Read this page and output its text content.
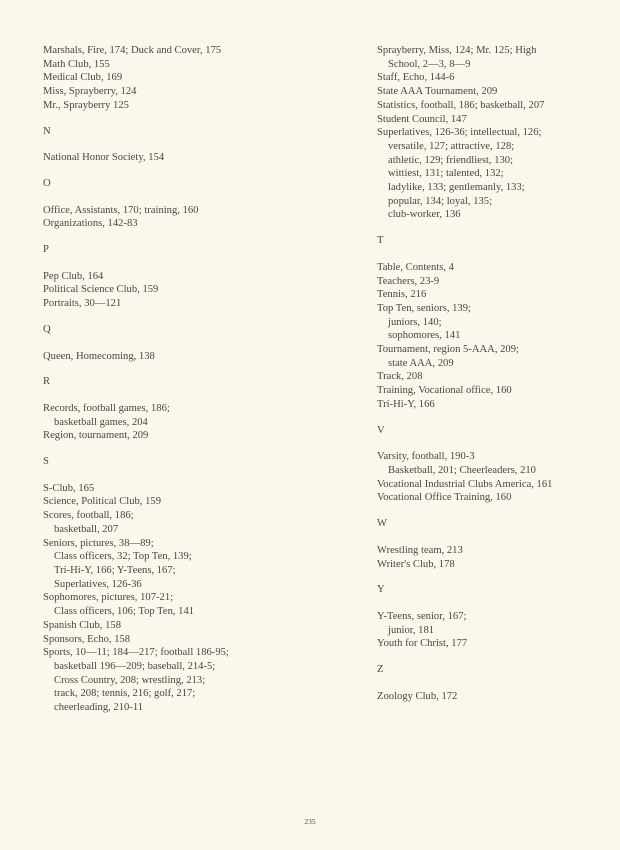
Marshals, Fire, 174; Duck and Cover, 175
Math Club, 155
Medical Club, 169
Miss, Sprayberry, 124
Mr., Sprayberry 125
N
National Honor Society, 154
O
Office, Assistants, 170; training, 160
Organizations, 142-83
P
Pep Club, 164
Political Science Club, 159
Portraits, 30—121
Q
Queen, Homecoming, 138
R
Records, football games, 186;
basketball games, 204
Region, tournament, 209
S
S-Club, 165
Science, Political Club, 159
Scores, football, 186;
basketball, 207
Seniors, pictures, 38—89;
Class officers, 32; Top Ten, 139;
Tri-Hi-Y, 166; Y-Teens, 167;
Superlatives, 126-36
Sophomores, pictures, 107-21;
Class officers, 106; Top Ten, 141
Spanish Club, 158
Sponsors, Echo, 158
Sports, 10—11; 184—217; football 186-95;
basketball 196—209; baseball, 214-5;
Cross Country, 208; wrestling, 213;
track, 208; tennis, 216; golf, 217;
cheerleading, 210-11
Sprayberry, Miss, 124; Mr. 125; High
School, 2—3, 8—9
Staff, Echo, 144-6
State AAA Tournament, 209
Statistics, football, 186; basketball, 207
Student Council, 147
Superlatives, 126-36; intellectual, 126;
versatile, 127; attractive, 128;
athletic, 129; friendliest, 130;
wittiest, 131; talented, 132;
ladylike, 133; gentlemanly, 133;
popular, 134; loyal, 135;
club-worker, 136
T
Table, Contents, 4
Teachers, 23-9
Tennis, 216
Top Ten, seniors, 139;
juniors, 140;
sophomores, 141
Tournament, region 5-AAA, 209;
state AAA, 209
Track, 208
Training, Vocational office, 160
Tri-Hi-Y, 166
V
Varsity, football, 190-3
Basketball, 201; Cheerleaders, 210
Vocational Industrial Clubs America, 161
Vocational Office Training, 160
W
Wrestling team, 213
Writer's Club, 178
Y
Y-Teens, senior, 167;
junior, 181
Youth for Christ, 177
Z
Zoology Club, 172
235
